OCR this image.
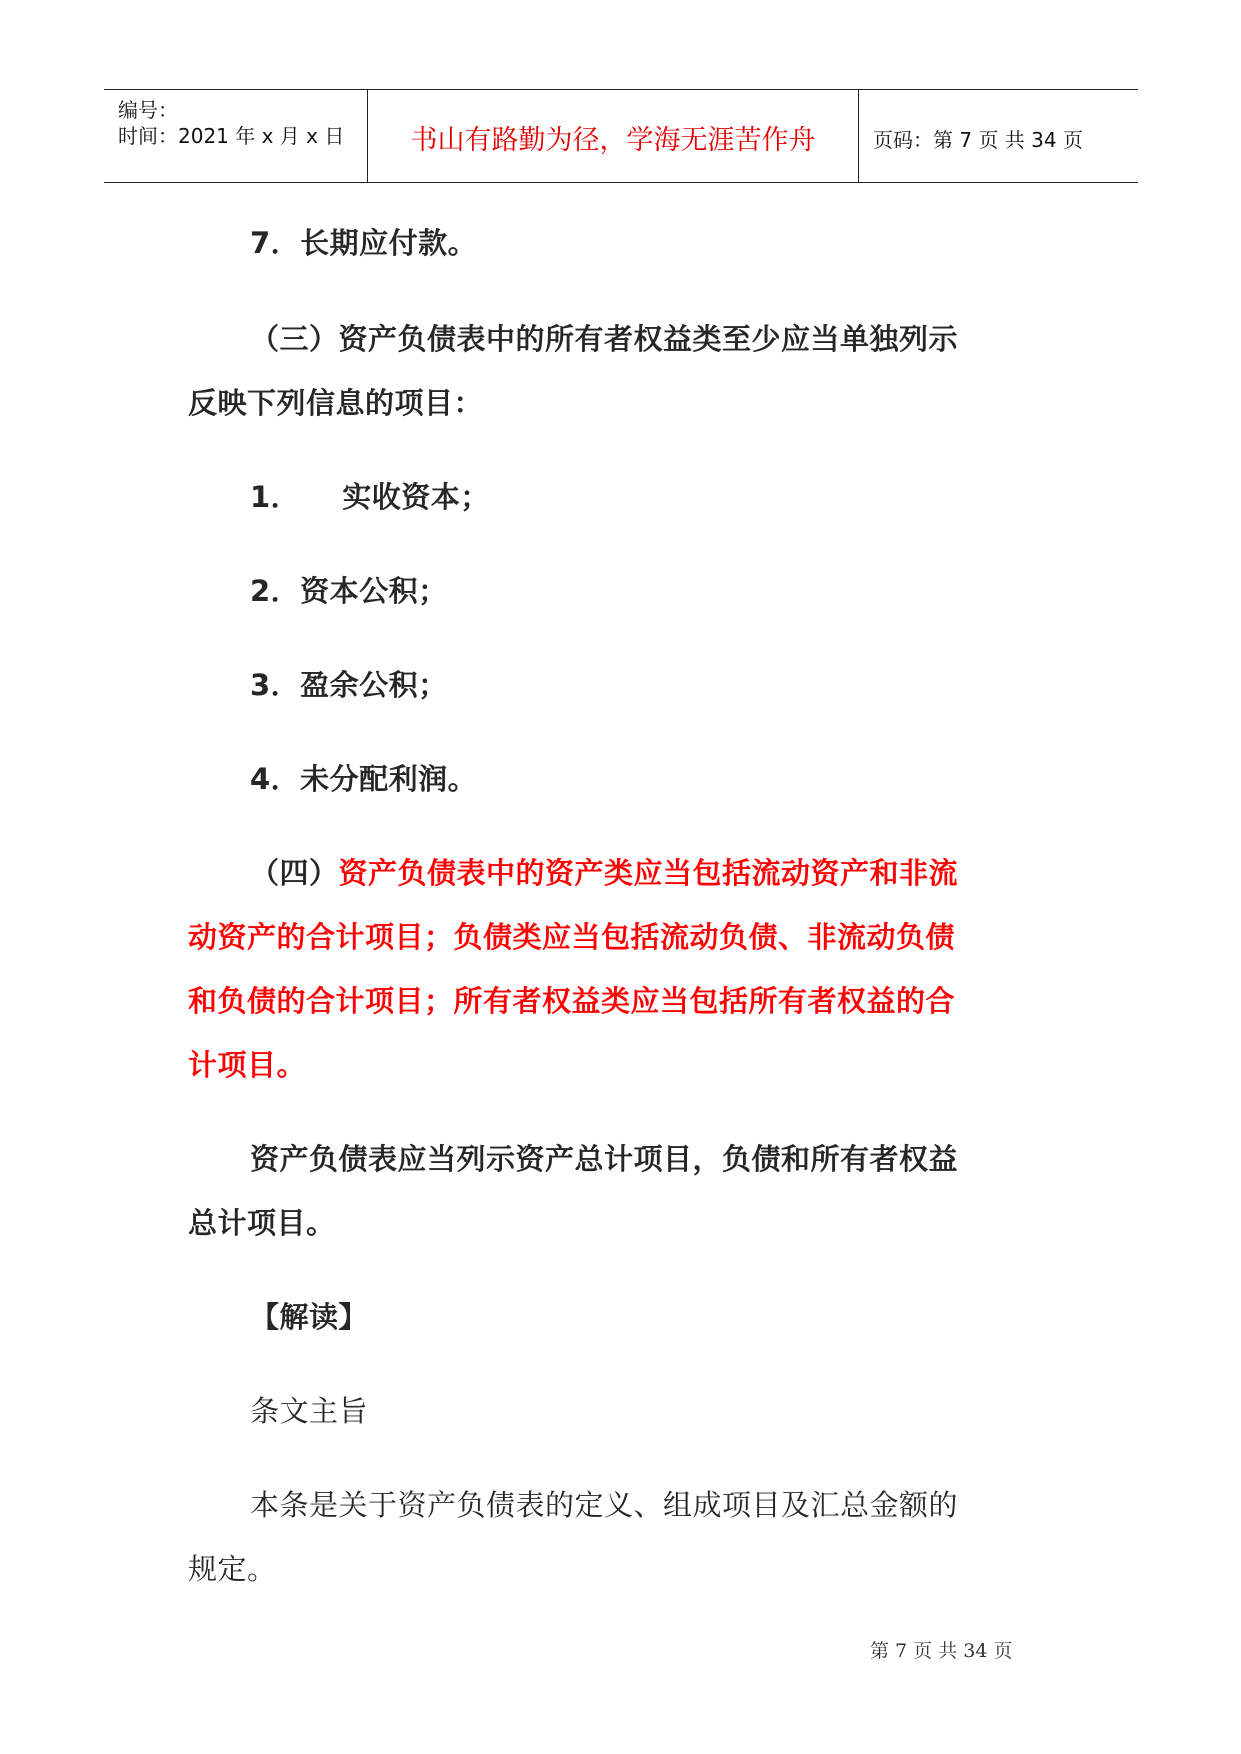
编号：
时间：2021 年 x 月 x 日	书山有路勤为径，学海无涯苦作舟	页码：第 7 页 共 34 页
7．长期应付款。
（三）资产负债表中的所有者权益类至少应当单独列示
反映下列信息的项目：
1． 实收资本；
2．资本公积；
3．盈余公积；
4．未分配利润。
（四）资产负债表中的资产类应当包括流动资产和非流
动资产的合计项目；负债类应当包括流动负债、非流动负债
和负债的合计项目；所有者权益类应当包括所有者权益的合
计项目。
资产负债表应当列示资产总计项目，负债和所有者权益
总计项目。
【解读】
条文主旨
本条是关于资产负债表的定义、组成项目及汇总金额的
规定。
第 7 页 共 34 页
